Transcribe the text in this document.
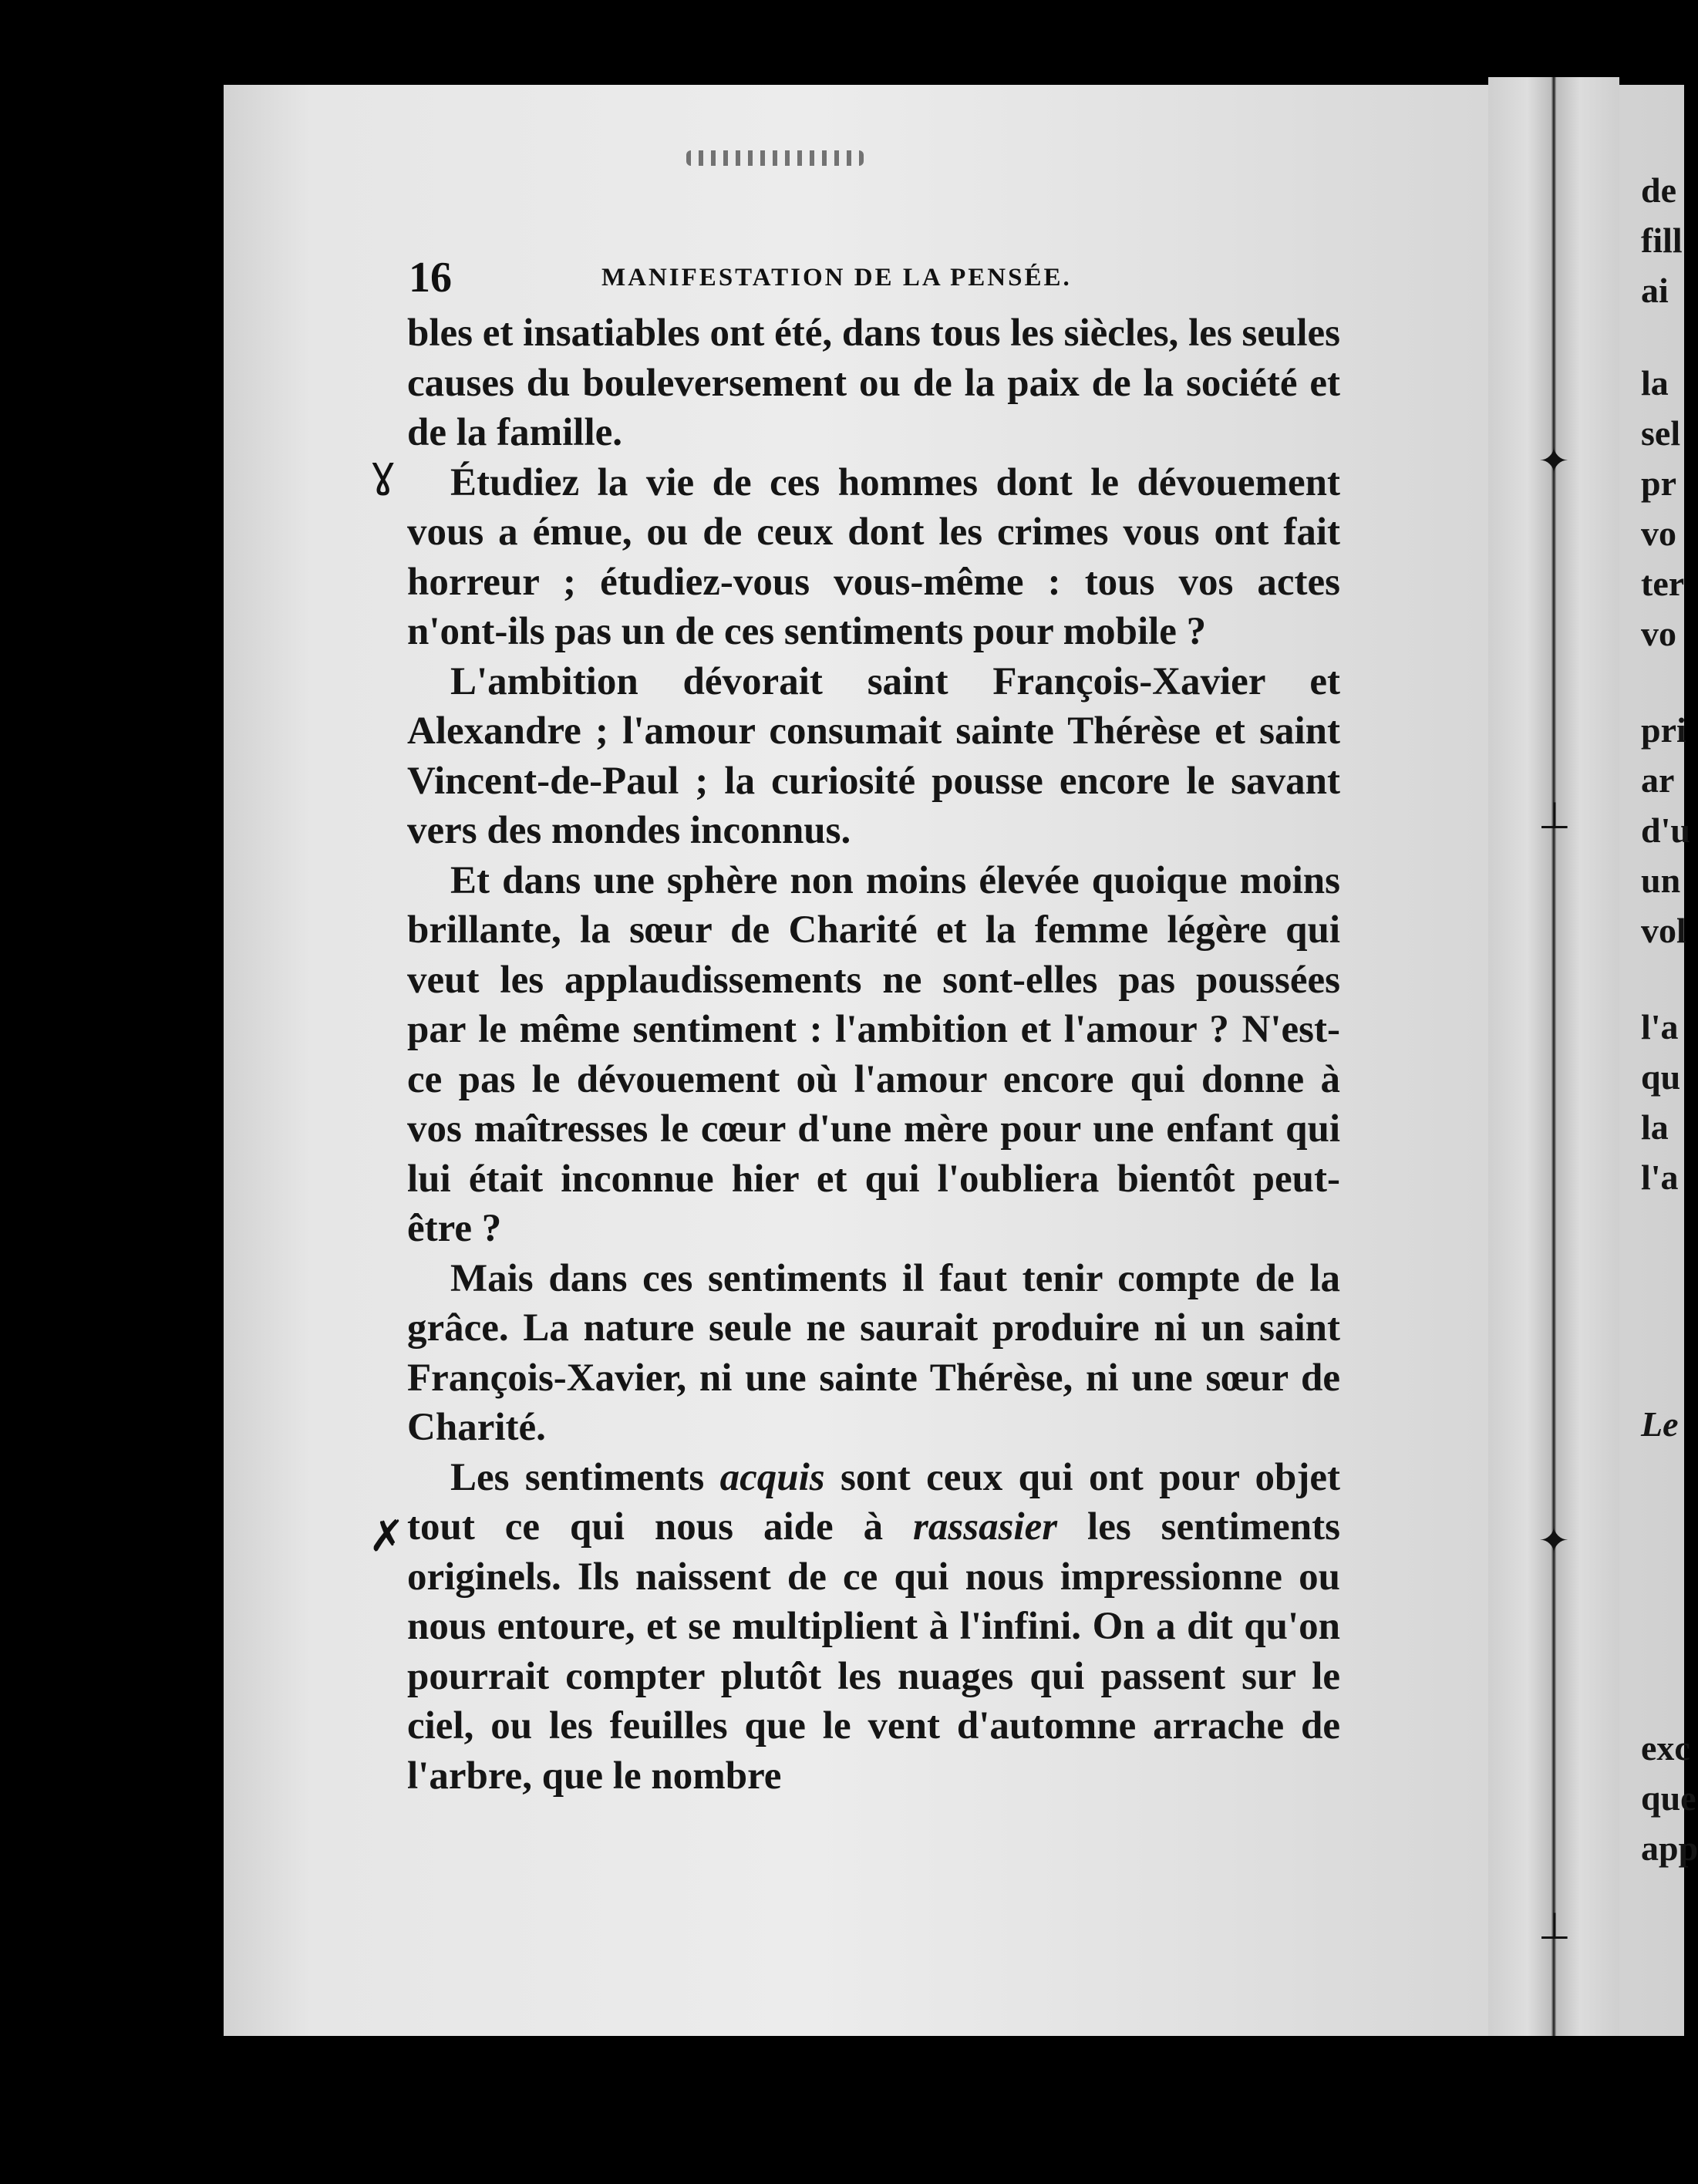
16	MANIFESTATION DE LA PENSÉE.
ɣ
✗

bles et insatiables ont été, dans tous les siècles, les seules causes du bouleversement ou de la paix de la société et de la famille.

Étudiez la vie de ces hommes dont le dévouement vous a émue, ou de ceux dont les crimes vous ont fait horreur ; étudiez-vous vous-même : tous vos actes n'ont-ils pas un de ces sentiments pour mobile ?

L'ambition dévorait saint François-Xavier et Alexandre ; l'amour consumait sainte Thérèse et saint Vincent-de-Paul ; la curiosité pousse encore le savant vers des mondes inconnus.

Et dans une sphère non moins élevée quoique moins brillante, la sœur de Charité et la femme légère qui veut les applaudissements ne sont-elles pas poussées par le même sentiment : l'ambition et l'amour ? N'est-ce pas le dévouement où l'amour encore qui donne à vos maîtresses le cœur d'une mère pour une enfant qui lui était inconnue hier et qui l'oubliera bientôt peut-être ?

Mais dans ces sentiments il faut tenir compte de la grâce. La nature seule ne saurait produire ni un saint François-Xavier, ni une sainte Thérèse, ni une sœur de Charité.

Les sentiments acquis sont ceux qui ont pour objet tout ce qui nous aide à rassasier les sentiments originels. Ils naissent de ce qui nous impressionne ou nous entoure, et se multiplient à l'infini. On a dit qu'on pourrait compter plutôt les nuages qui passent sur le ciel, ou les feuilles que le vent d'automne arrache de l'arbre, que le nombre

✦
⊥
✦
⊥
de
fill
ai
la
sel
pr
vo
ter
vo
pri
ar
d'u
un
vol
l'a
qu
la
l'a
Le
exc
que
app
